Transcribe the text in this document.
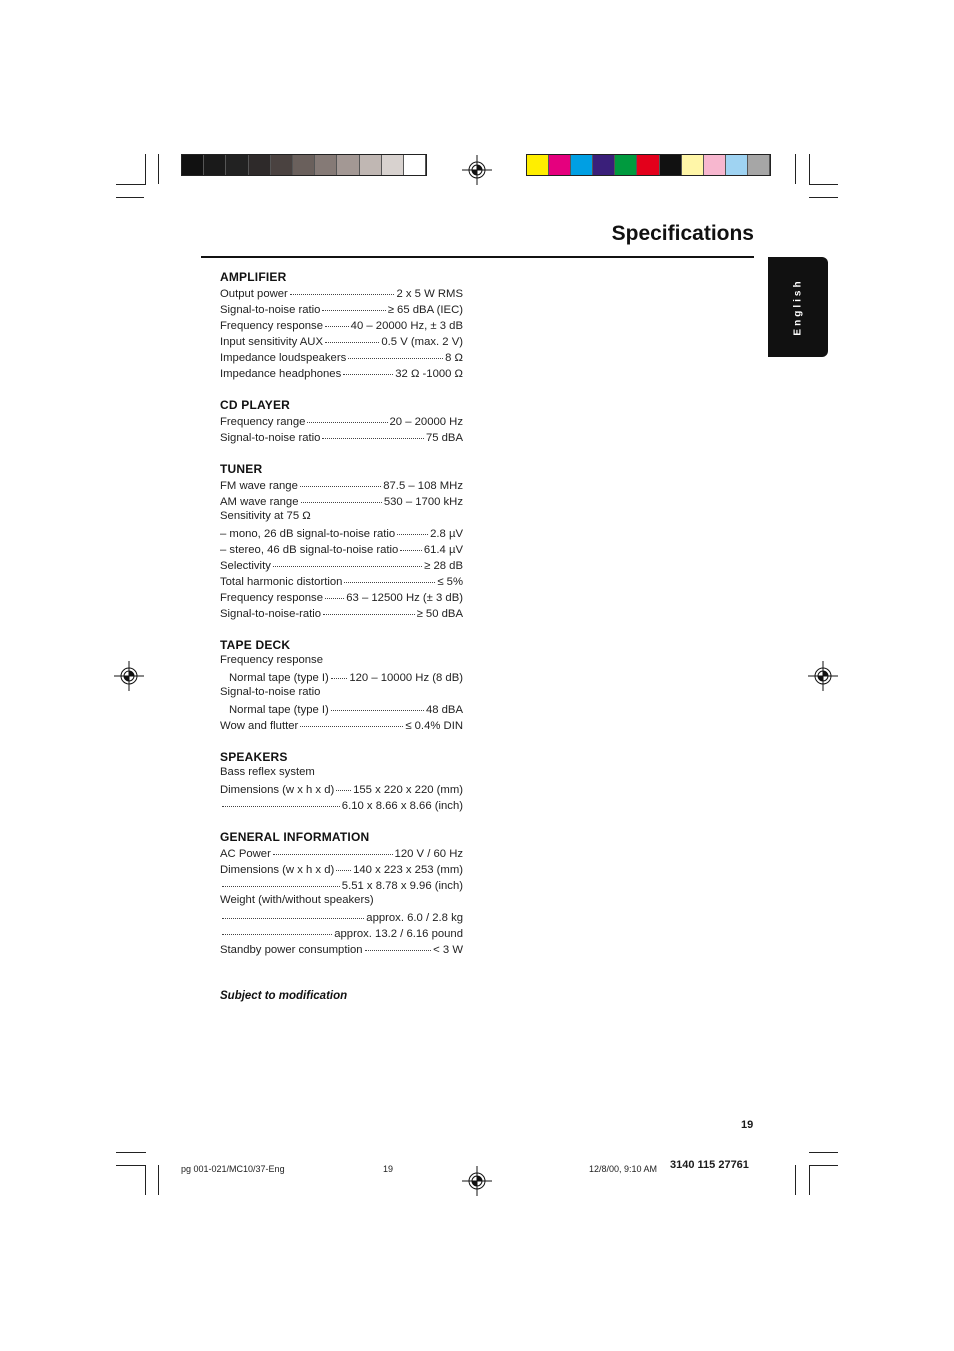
Specifications
English
AMPLIFIER
Output power	2 x 5 W RMS
Signal-to-noise ratio	≥ 65 dBA (IEC)
Frequency response 40 – 20000 Hz, ± 3 dB
Input sensitivity AUX	0.5 V (max. 2 V)
Impedance loudspeakers	8 Ω
Impedance headphones	32 Ω -1000 Ω
CD PLAYER
Frequency range	20 – 20000 Hz
Signal-to-noise ratio	75 dBA
TUNER
FM wave range	87.5 – 108 MHz
AM wave range	530 – 1700 kHz
Sensitivity at 75 Ω
– mono, 26 dB signal-to-noise ratio	2.8 µV
– stereo, 46 dB signal-to-noise ratio 61.4 µV
Selectivity	≥ 28 dB
Total harmonic distortion	≤ 5%
Frequency response 63 – 12500 Hz (± 3 dB)
Signal-to-noise-ratio	≥ 50 dBA
TAPE DECK
Frequency response
Normal tape (type I) 120 – 10000 Hz (8 dB)
Signal-to-noise ratio
Normal tape (type I)	48 dBA
Wow and flutter	≤ 0.4% DIN
SPEAKERS
Bass reflex system
Dimensions (w x h x d) 155 x 220 x 220 (mm)
6.10 x 8.66 x 8.66 (inch)
GENERAL INFORMATION
AC Power	120 V / 60 Hz
Dimensions (w x h x d) 140 x 223 x 253 (mm)
5.51 x 8.78 x 9.96 (inch)
Weight (with/without speakers)
approx. 6.0 / 2.8 kg
approx. 13.2 / 6.16 pound
Standby power consumption	< 3 W
Subject to modification
19
pg 001-021/MC10/37-Eng	19	12/8/00, 9:10 AM 3140 115 27761
